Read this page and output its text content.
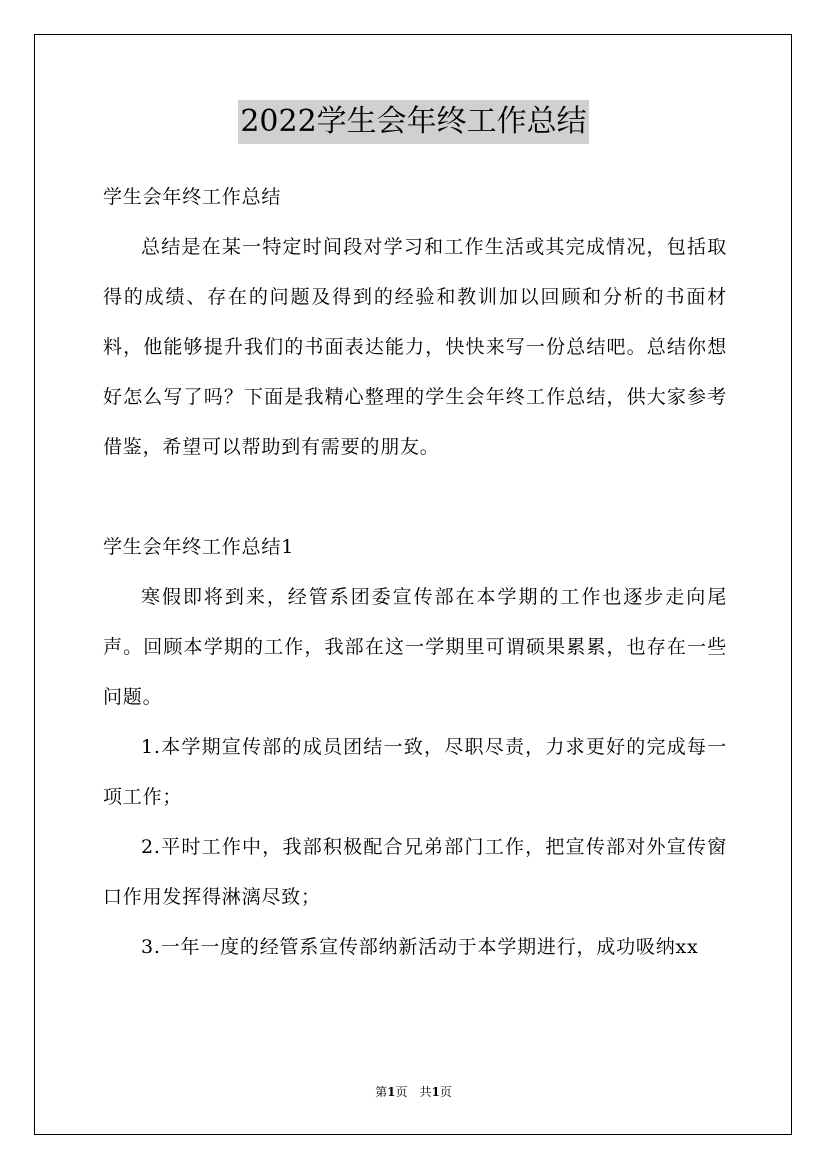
2022学生会年终工作总结

学生会年终工作总结

总结是在某一特定时间段对学习和工作生活或其完成情况，包括取得的成绩、存在的问题及得到的经验和教训加以回顾和分析的书面材料，他能够提升我们的书面表达能力，快快来写一份总结吧。总结你想好怎么写了吗？下面是我精心整理的学生会年终工作总结，供大家参考借鉴，希望可以帮助到有需要的朋友。

学生会年终工作总结1

寒假即将到来，经管系团委宣传部在本学期的工作也逐步走向尾声。回顾本学期的工作，我部在这一学期里可谓硕果累累，也存在一些问题。

1.本学期宣传部的成员团结一致，尽职尽责，力求更好的完成每一项工作；

2.平时工作中，我部积极配合兄弟部门工作，把宣传部对外宣传窗口作用发挥得淋漓尽致；

3.一年一度的经管系宣传部纳新活动于本学期进行，成功吸纳xx

第1页　共1页
